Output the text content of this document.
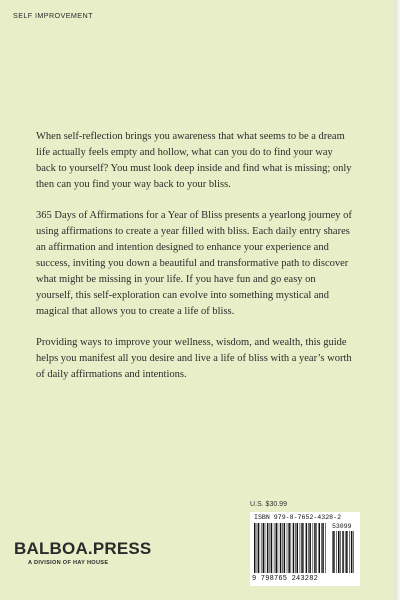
SELF IMPROVEMENT

When self-reflection brings you awareness that what seems to be a dream life actually feels empty and hollow, what can you do to find your way back to yourself? You must look deep inside and find what is missing; only then can you find your way back to your bliss.

365 Days of Affirmations for a Year of Bliss presents a yearlong journey of using affirmations to create a year filled with bliss. Each daily entry shares an affirmation and intention designed to enhance your experience and success, inviting you down a beautiful and transformative path to discover what might be missing in your life. If you have fun and go easy on yourself, this self-exploration can evolve into something mystical and magical that allows you to create a life of bliss.

Providing ways to improve your wellness, wisdom, and wealth, this guide helps you manifest all you desire and live a life of bliss with a year’s worth of daily affirmations and intentions.

U.S. $30.99
ISBN 979-8-7652-4328-2
53099
9 798765 243282
BALBOA.PRESS
A DIVISION OF HAY HOUSE
